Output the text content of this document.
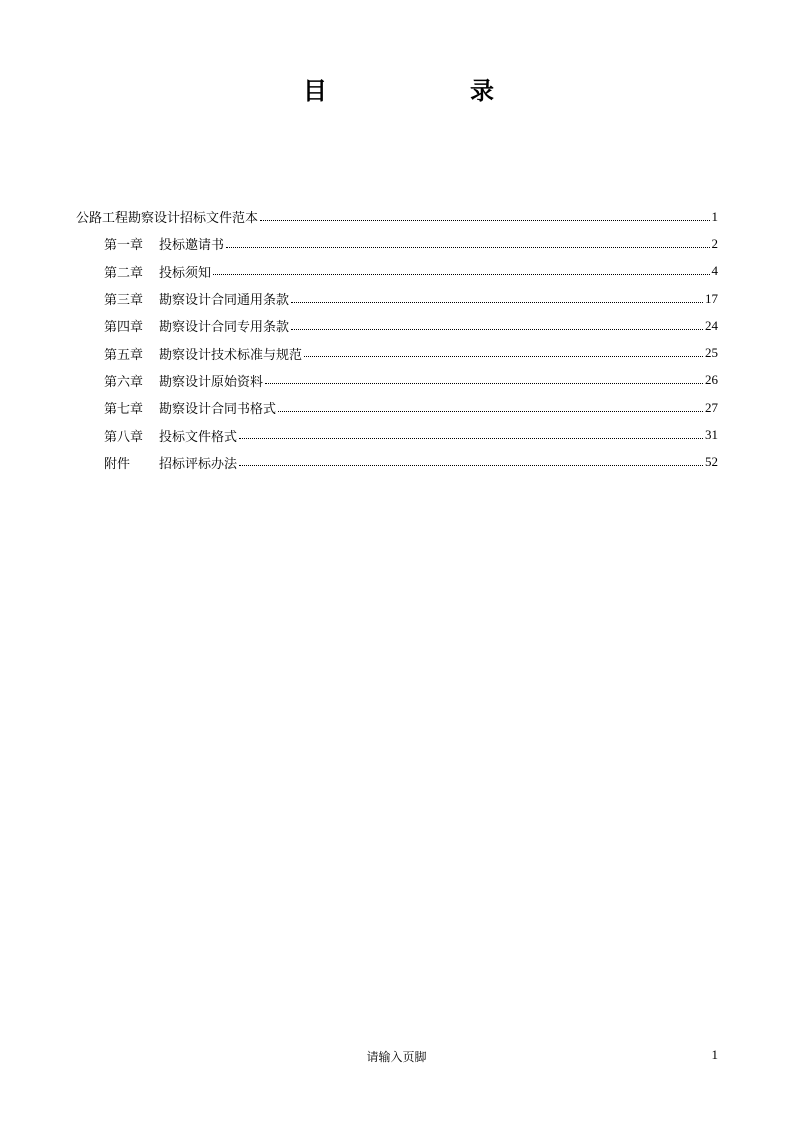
目	录
公路工程勘察设计招标文件范本	1
第一章	投标邀请书	2
第二章	投标须知	4
第三章	勘察设计合同通用条款	17
第四章	勘察设计合同专用条款	24
第五章	勘察设计技术标准与规范	25
第六章	勘察设计原始资料	26
第七章	勘察设计合同书格式	27
第八章	投标文件格式	31
附件	招标评标办法	52
请输入页脚	1
